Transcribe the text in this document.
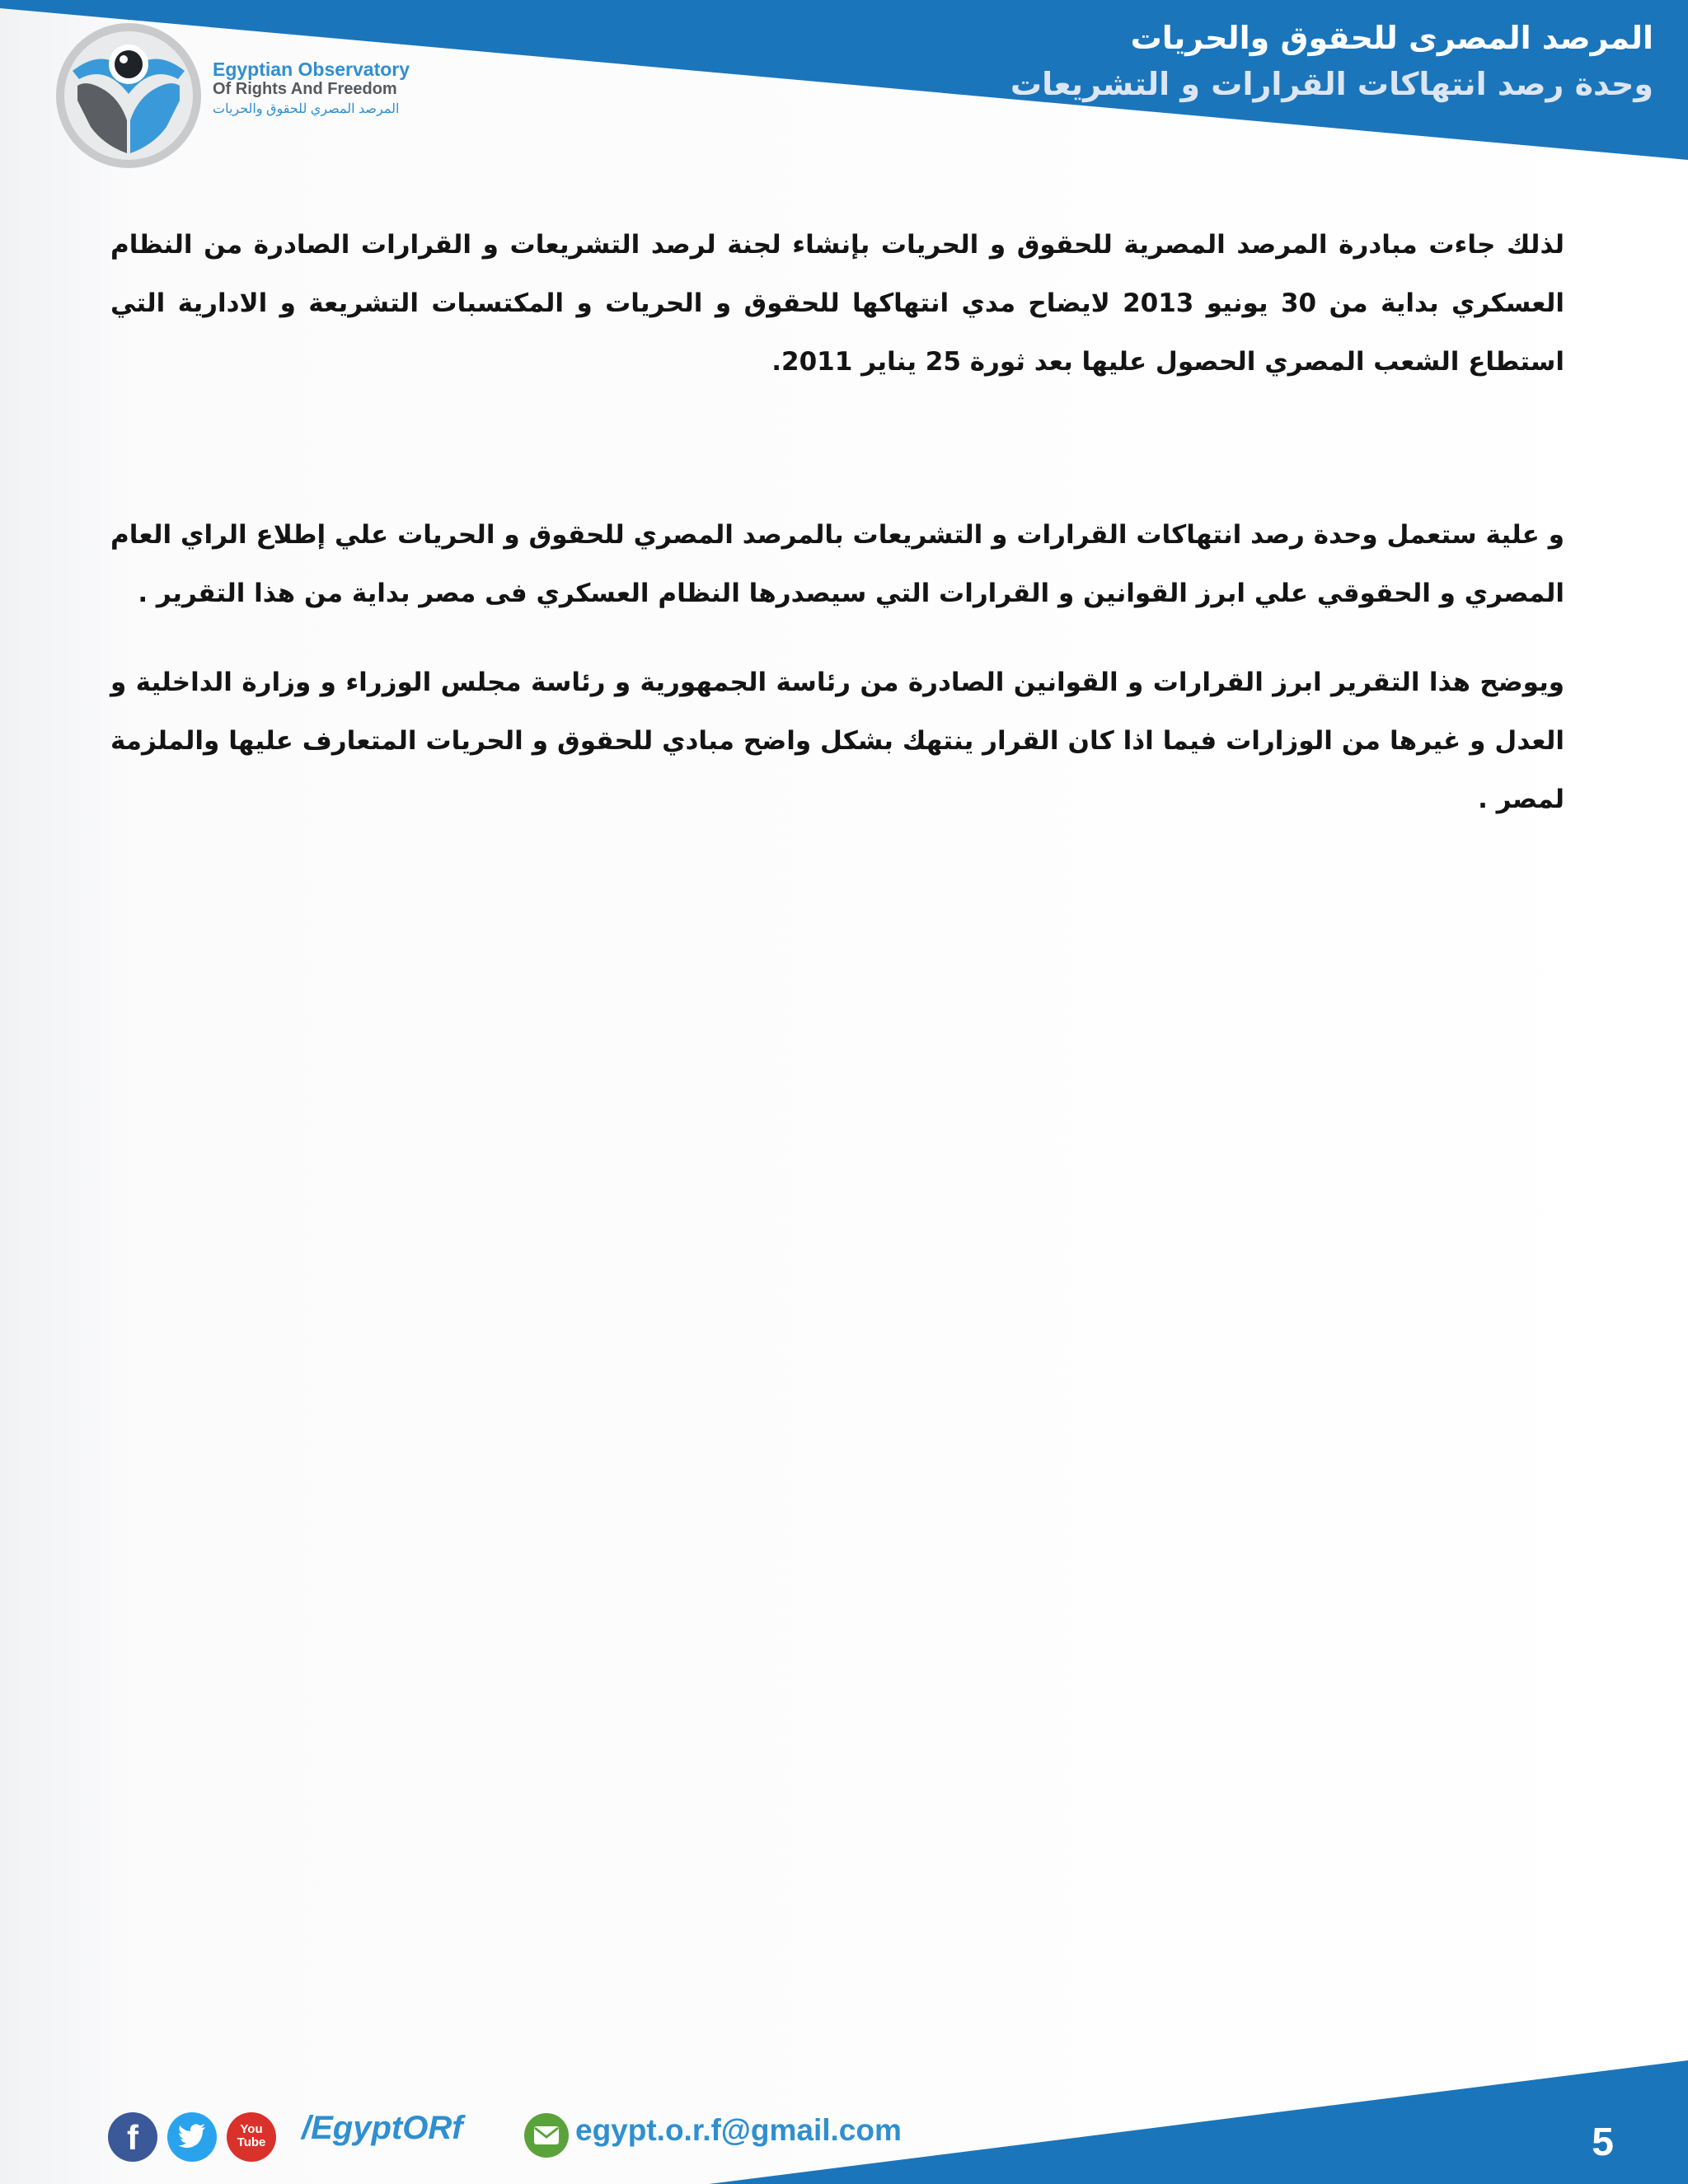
Egyptian Observatory
Of Rights And Freedom
المرصد المصري للحقوق والحريات
المرصد المصرى للحقوق والحريات
وحدة رصد انتهاكات القرارات و التشريعات

لذلك جاءت مبادرة المرصد المصرية للحقوق و الحريات بإنشاء لجنة لرصد التشريعات و القرارات الصادرة من النظام العسكري بداية من 30 يونيو 2013 لايضاح مدي انتهاكها للحقوق و الحريات و المكتسبات التشريعة و الادارية التي استطاع الشعب المصري الحصول عليها بعد ثورة 25 يناير 2011.

و علية ستعمل وحدة رصد انتهاكات القرارات و التشريعات بالمرصد المصري للحقوق و الحريات علي إطلاع الراي العام المصري و الحقوقي علي ابرز القوانين و القرارات التي سيصدرها النظام العسكري فى مصر بداية من هذا التقرير .

ويوضح هذا التقرير ابرز القرارات و القوانين الصادرة من رئاسة الجمهورية و رئاسة مجلس الوزراء و وزارة الداخلية و العدل و غيرها من الوزارات فيما اذا كان القرار ينتهك بشكل واضح مبادي للحقوق و الحريات المتعارف عليها والملزمة لمصر .

f	You
Tube	/EgyptORf	egypt.o.r.f@gmail.com	5
